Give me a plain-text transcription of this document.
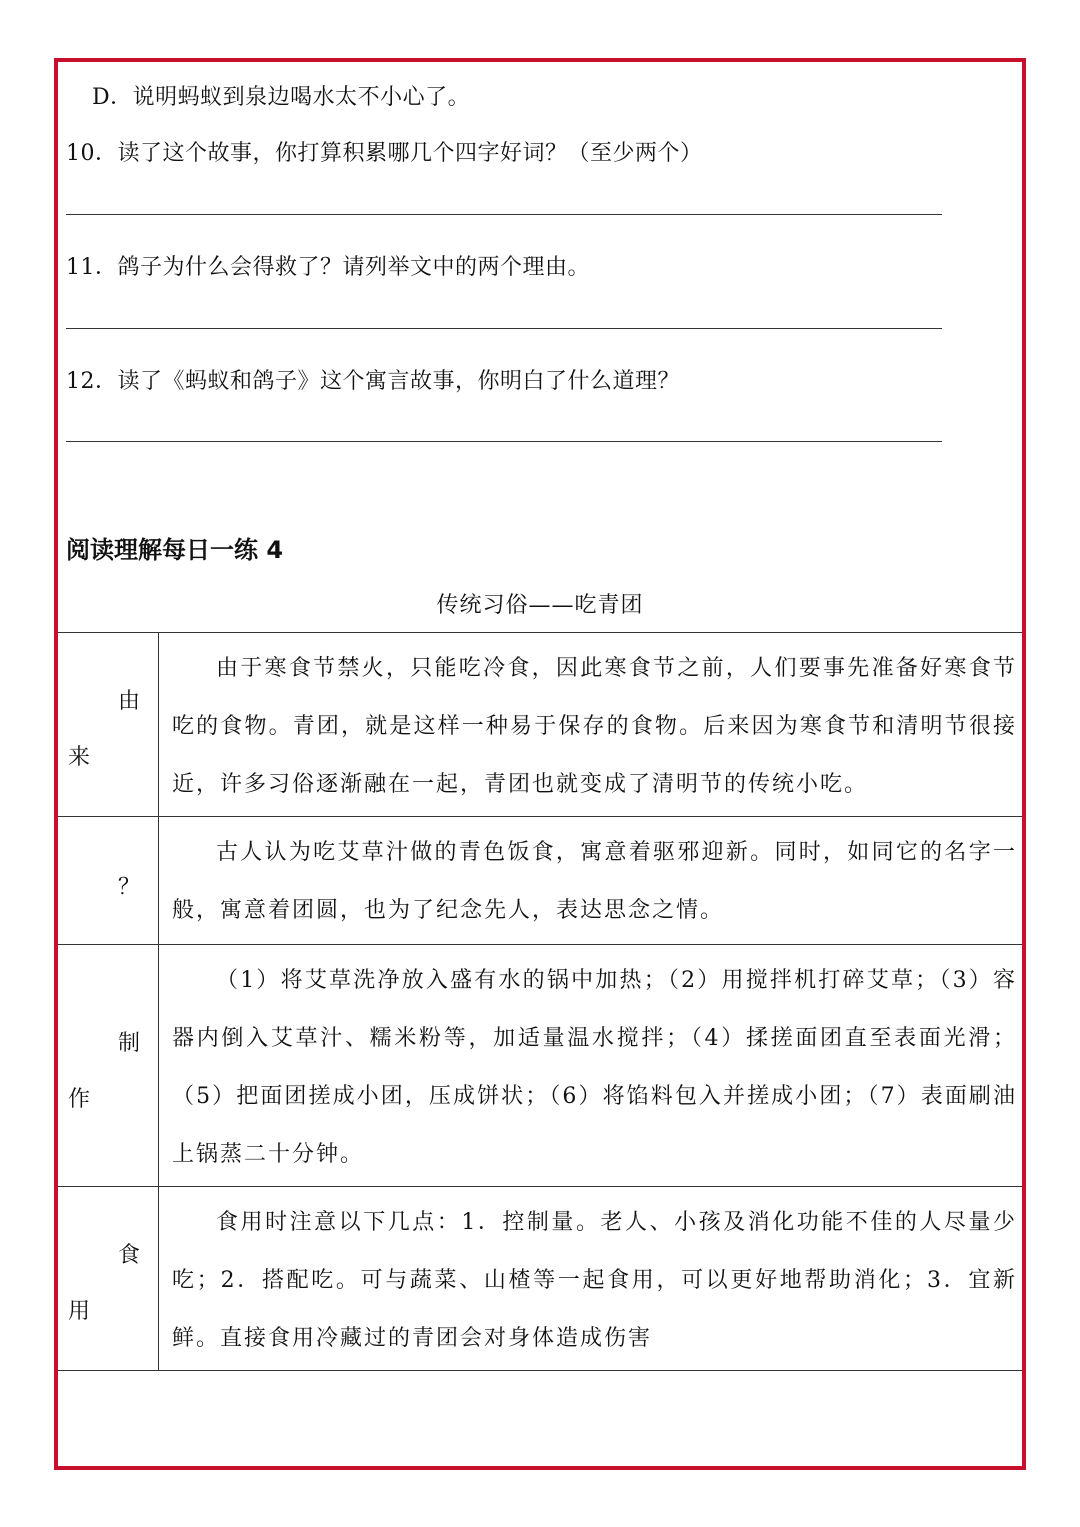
D．说明蚂蚁到泉边喝水太不小心了。
10．读了这个故事，你打算积累哪几个四字好词？（至少两个）
11．鸽子为什么会得救了？请列举文中的两个理由。
12．读了《蚂蚁和鸽子》这个寓言故事，你明白了什么道理？
阅读理解每日一练 4
传统习俗——吃青团
由
来

由于寒食节禁火，只能吃冷食，因此寒食节之前，人们要事先准备好寒食节吃的食物。青团，就是这样一种易于保存的食物。后来因为寒食节和清明节很接近，许多习俗逐渐融在一起，青团也就变成了清明节的传统小吃。

？

古人认为吃艾草汁做的青色饭食，寓意着驱邪迎新。同时，如同它的名字一般，寓意着团圆，也为了纪念先人，表达思念之情。

制
作

（1）将艾草洗净放入盛有水的锅中加热；（2）用搅拌机打碎艾草；（3）容器内倒入艾草汁、糯米粉等，加适量温水搅拌；（4）揉搓面团直至表面光滑；（5）把面团搓成小团，压成饼状；（6）将馅料包入并搓成小团；（7）表面刷油上锅蒸二十分钟。

食
用

食用时注意以下几点：1．控制量。老人、小孩及消化功能不佳的人尽量少吃；2．搭配吃。可与蔬菜、山楂等一起食用，可以更好地帮助消化；3．宜新鲜。直接食用冷藏过的青团会对身体造成伤害
